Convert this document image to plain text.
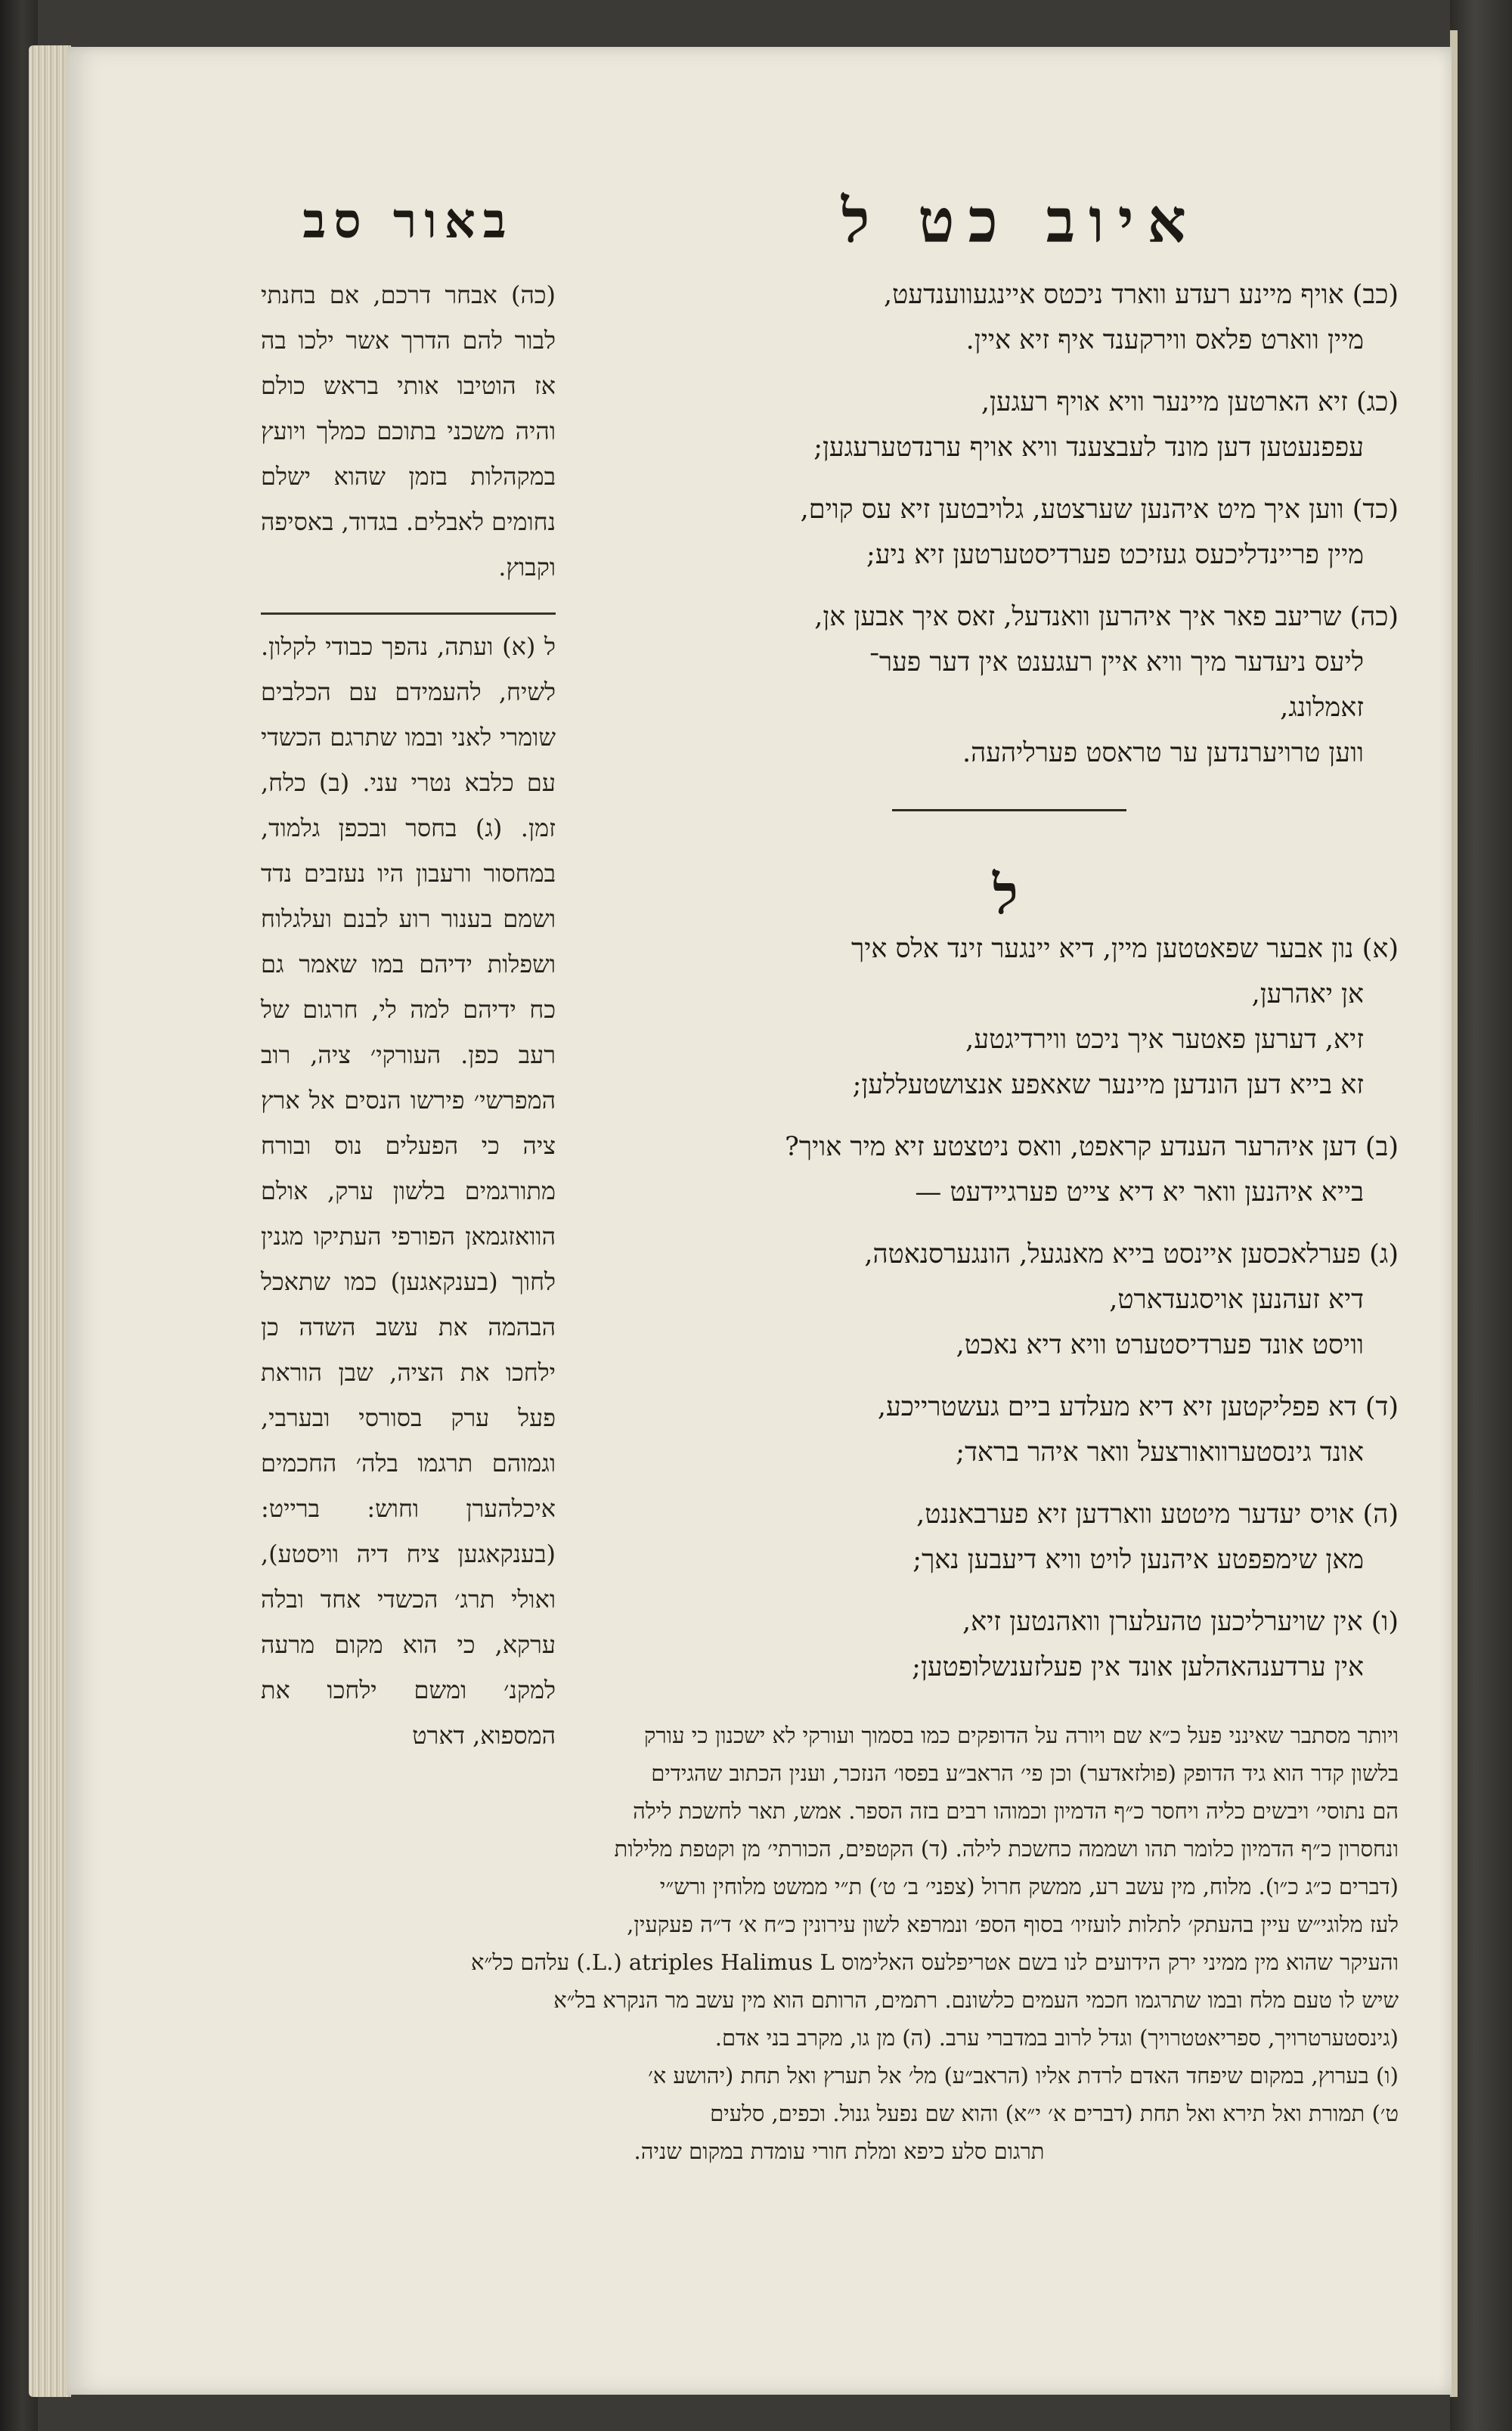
באור סב	איוב כט ל
(כה) אבחר דרכם, אם בחנתי לבור להם הדרך אשר ילכו בה אז הוטיבו אותי בראש כולם והיה משכני בתוכם כמלך ויועץ במקהלות בזמן שהוא ישלם נחומים לאבלים. בגדוד, באסיפה וקבוץ.
ל (א) ועתה, נהפך כבודי לקלון. לשיח, להעמידם עם הכלבים שומרי לאני ובמו שתרגם הכשדי עם כלבא נטרי עני. (ב) כלח, זמן. (ג) בחסר ובכפן גלמוד, במחסור ורעבון היו נעזבים נדד ושמם בענור רוע לבנם ועלגלוח ושפלות ידיהם במו שאמר גם כח ידיהם למה לי, חרגום של רעב כפן. העורקי׳ ציה, רוב המפרשי׳ פירשו הנסים אל ארץ ציה כי הפעלים נוס ובורח מתורגמים בלשון ערק, אולם הוואזגמאן הפורפי העתיקו מגנין לחוך (בענקאגען) כמו שתאכל הבהמה את עשב השדה כן ילחכו את הציה, שבן הוראת פעל ערק בסורסי ובערבי, וגמוהם תרגמו בלה׳ החכמים איכלהערן וחוש: ברייט: (בענקאגען ציח דיה וויסטע), ואולי תרג׳ הכשדי אחד ובלה ערקא, כי הוא מקום מרעה למקנ׳ ומשם ילחכו את המספוא, דארט
(כב) אויף מיינע רעדע ווארד ניכטס איינגעווענדעט,
מיין ווארט פלאס ווירקענד איף זיא איין.
(כג) זיא הארטען מיינער וויא אויף רעגען,
עפפנעטען דען מונד לעבצענד וויא אויף ערנדטערעגען;
(כד) ווען איך מיט איהנען שערצטע, גלויבטען זיא עס קוים,
מיין פריינדליכעס געזיכט פערדיסטערטען זיא ניע;
(כה) שריעב פאר איך איהרען וואנדעל, זאס איך אבען אן,
ליעס ניעדער מיך וויא איין רעגענט אין דער פער־
זאמלונג,
ווען טרויערנדען ער טראסט פערליהעה.
ל
(א) נון אבער שפאטטען מיין, דיא יינגער זינד אלס איך
אן יאהרען,
זיא, דערען פאטער איך ניכט ווירדיגטע,
זא בייא דען הונדען מיינער שאאפע אנצושטעללען;
(ב) דען איהרער הענדע קראפט, וואס ניטצטע זיא מיר אויך?
בייא איהנען וואר יא דיא צייט פערגיידעט —
(ג) פערלאכסען איינסט בייא מאנגעל, הונגערסנאטה,
דיא זעהנען אויסגעדארט,
וויסט אונד פערדיסטערט וויא דיא נאכט,
(ד) דא פפליקטען זיא דיא מעלדע ביים געשטרייכע,
אונד גינסטערוואורצעל וואר איהר בראד;
(ה) אויס יעדער מיטטע ווארדען זיא פערבאננט,
מאן שימפפטע איהנען לויט וויא דיעבען נאך;
(ו) אין שויערליכען טהעלערן וואהנטען זיא,
אין ערדענהאהלען אונד אין פעלזענשלופטען;
ויותר מסתבר שאינני פעל כ״א שם ויורה על הדופקים כמו בסמוך ועורקי לא ישכנון כי עורק
בלשון קדר הוא גיד הדופק (פולזאדער) וכן פי׳ הראב״ע בפסו׳ הנזכר, וענין הכתוב שהגידים
הם נתוסי׳ ויבשים כליה ויחסר כ״ף הדמיון וכמוהו רבים בזה הספר. אמש, תאר לחשכת לילה
ונחסרון כ״ף הדמיון כלומר תהו ושממה כחשכת לילה. (ד) הקטפים, הכורתי׳ מן וקטפת מלילות
(דברים כ״ג כ״ו). מלוח, מין עשב רע, ממשק חרול (צפני׳ ב׳ ט׳) ת״י ממשט מלוחין ורש״י
לעז מלוגי״ש עיין בהעתק׳ לתלות לועזיו׳ בסוף הספ׳ ונמרפא לשון עירונין כ״ח א׳ ד״ה פעקעין,
והעיקר שהוא מין ממיני ירק הידועים לנו בשם אטריפלעס האלימוס L.) atriples Halimus L.) עלהם כל״א
שיש לו טעם מלח ובמו שתרגמו חכמי העמים כלשונם. רתמים, הרותם הוא מין עשב מר הנקרא בל״א
(גינסטערטרויך, ספריאטטרויך) וגדל לרוב במדברי ערב. (ה) מן גו, מקרב בני אדם.
(ו) בערוץ, במקום שיפחד האדם לרדת אליו (הראב״ע) מל׳ אל תערץ ואל תחת (יהושע א׳
ט׳) תמורת ואל תירא ואל תחת (דברים א׳ י״א) והוא שם נפעל גנול. וכפים, סלעים
תרגום סלע כיפא ומלת חורי עומדת במקום שניה.
